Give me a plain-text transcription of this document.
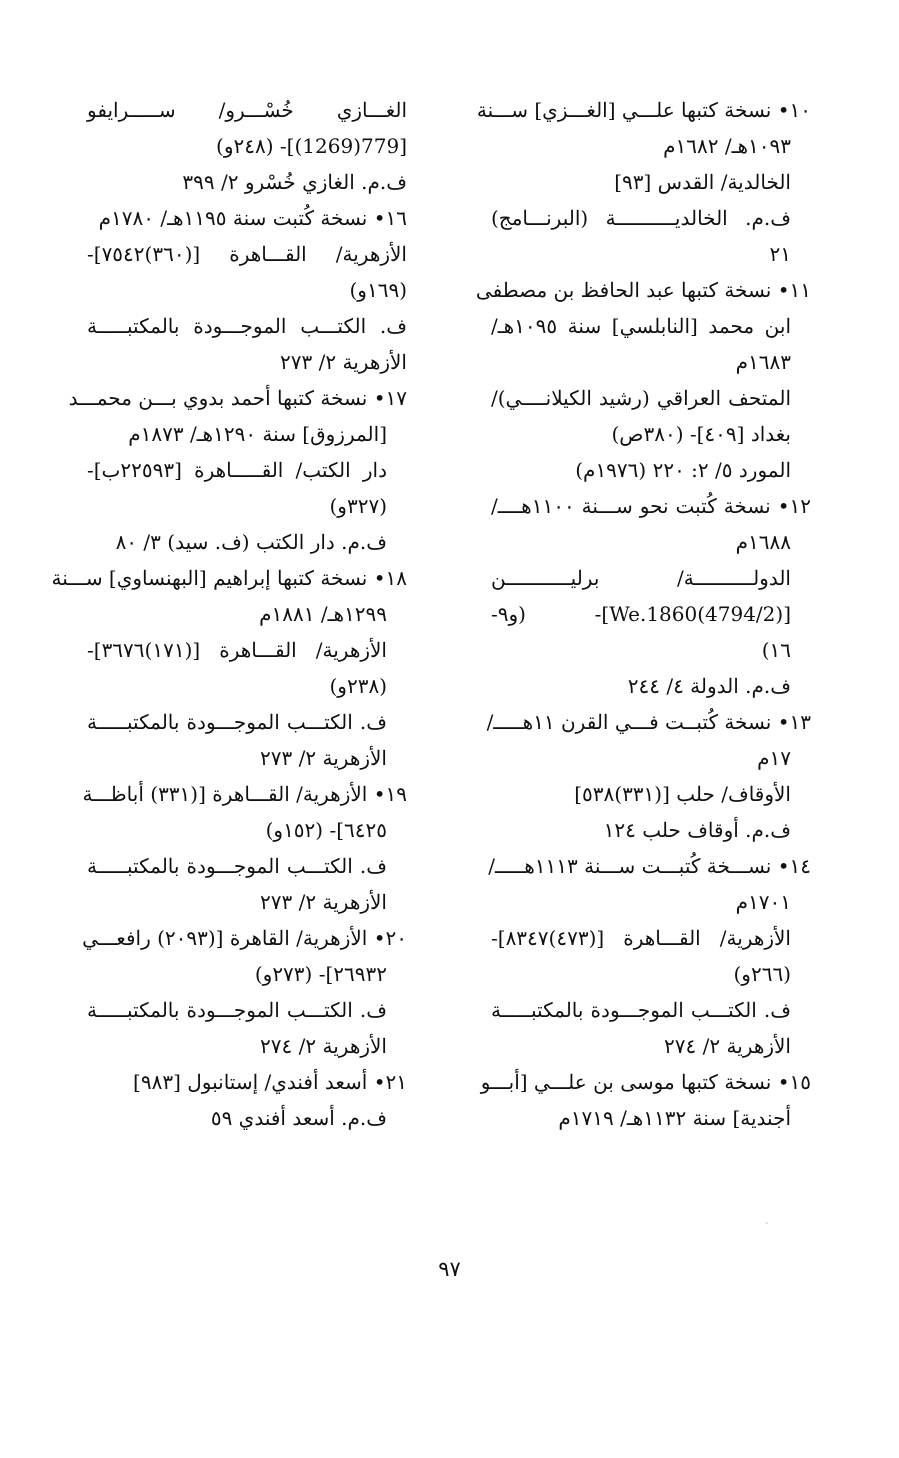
١٠• نسخة كتبها علـــي [الغـــزي] ســـنة
١٠٩٣هـ/ ١٦٨٢م
الخالدية/ القدس [٩٣]
ف.م. الخالديــــــــــة (البرنـــامج)
٢١
١١• نسخة كتبها عبد الحافظ بن مصطفى
ابن محمد [النابلسي] سنة ١٠٩٥هـ/
١٦٨٣م
المتحف العراقي (رشيد الكيلانــــي)/
بغداد [٤٠٩]- (٣٨٠ص)
المورد ٥/ ٢: ٢٢٠ (١٩٧٦م)
١٢• نسخة كُتبت نحو ســـنة ١١٠٠هــــ/
١٦٨٨م
الدولــــــــــة/ برليـــــــــــن
[We.1860(4794/2)]- (و٩-
١٦)
ف.م. الدولة ٤/ ٢٤٤
١٣• نسخة كُتبــت فـــي القرن ١١هـــــ/
١٧م
الأوقاف/ حلب [(٣٣١)٥٣٨]
ف.م. أوقاف حلب ١٢٤
١٤• نســـخة كُتبـــت ســـنة ١١١٣هـــــ/
١٧٠١م
الأزهرية/ القـــاهرة [(٤٧٣)٨٣٤٧]-
(٢٦٦و)
ف. الكتـــب الموجـــودة بالمكتبـــــة
الأزهرية ٢/ ٢٧٤
١٥• نسخة كتبها موسى بن علـــي [أبـــو
أجندية] سنة ١١٣٢هـ/ ١٧١٩م
الغـــازي خُسْـــرو/ ســـــرايفو
[779(1269)]- (٢٤٨و)
ف.م. الغازي خُسْرو ٢/ ٣٩٩
١٦• نسخة كُتبت سنة ١١٩٥هـ/ ١٧٨٠م
الأزهرية/ القـــاهرة [(٣٦٠)٧٥٤٢]-
(١٦٩و)
ف. الكتـــب الموجـــودة بالمكتبـــــة
الأزهرية ٢/ ٢٧٣
١٧• نسخة كتبها أحمد بدوي بـــن محمـــد
[المرزوق] سنة ١٢٩٠هـ/ ١٨٧٣م
دار الكتب/ القـــــاهرة [٢٢٥٩٣ب]-
(٣٢٧و)
ف.م. دار الكتب (ف. سيد) ٣/ ٨٠
١٨• نسخة كتبها إبراهيم [البهنساوي] ســـنة
١٢٩٩هـ/ ١٨٨١م
الأزهرية/ القـــاهرة [(١٧١)٣٦٧٦]-
(٢٣٨و)
ف. الكتـــب الموجـــودة بالمكتبـــــة
الأزهرية ٢/ ٢٧٣
١٩• الأزهرية/ القـــاهرة [(٣٣١) أباظـــة
٦٤٢٥]- (١٥٢و)
ف. الكتـــب الموجـــودة بالمكتبـــــة
الأزهرية ٢/ ٢٧٣
٢٠• الأزهرية/ القاهرة [(٢٠٩٣) رافعـــي
٢٦٩٣٢]- (٢٧٣و)
ف. الكتـــب الموجـــودة بالمكتبـــــة
الأزهرية ٢/ ٢٧٤
٢١• أسعد أفندي/ إستانبول [٩٨٣]
ف.م. أسعد أفندي ٥٩
ˋ
٩٧
